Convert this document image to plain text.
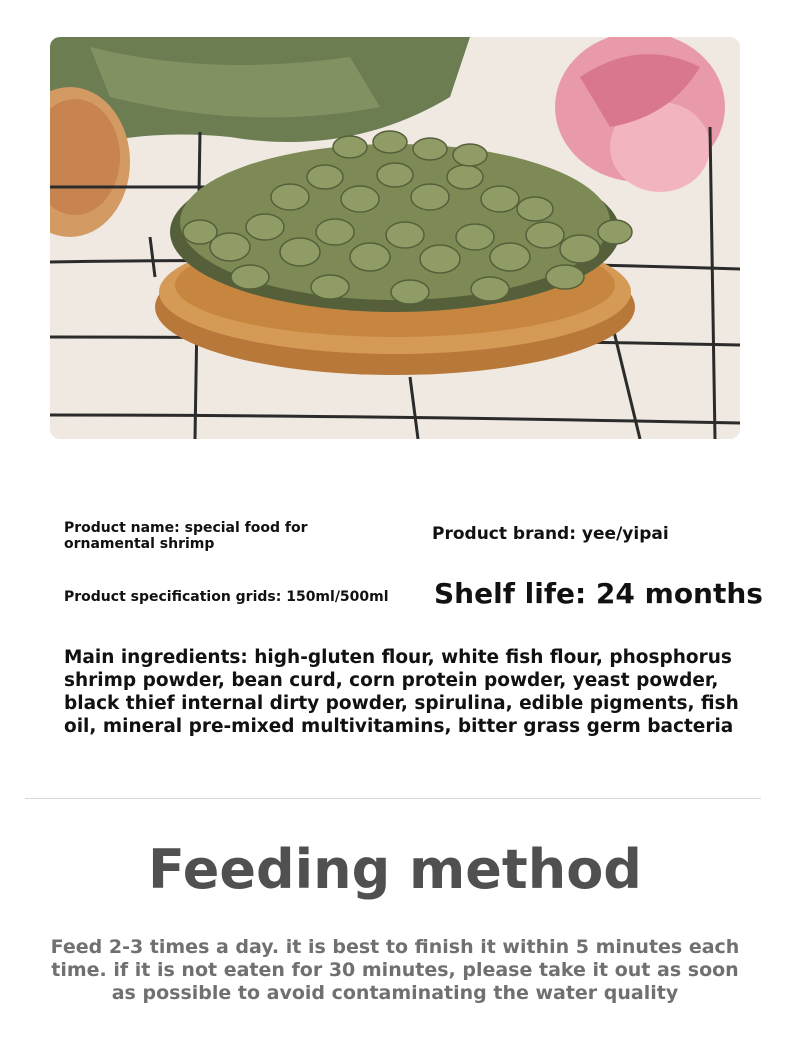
Product name: special food for ornamental shrimp	Product brand: yee/yipai

Product specification grids: 150ml/500ml Shelf life: 24 months

Main ingredients: high-gluten flour, white fish flour, phosphorus shrimp powder, bean curd, corn protein powder, yeast powder, black thief internal dirty powder, spirulina, edible pigments, fish oil, mineral pre-mixed multivitamins, bitter grass germ bacteria

Feeding method

Feed 2-3 times a day. it is best to finish it within 5 minutes each time. if it is not eaten for 30 minutes, please take it out as soon as possible to avoid contaminating the water quality
